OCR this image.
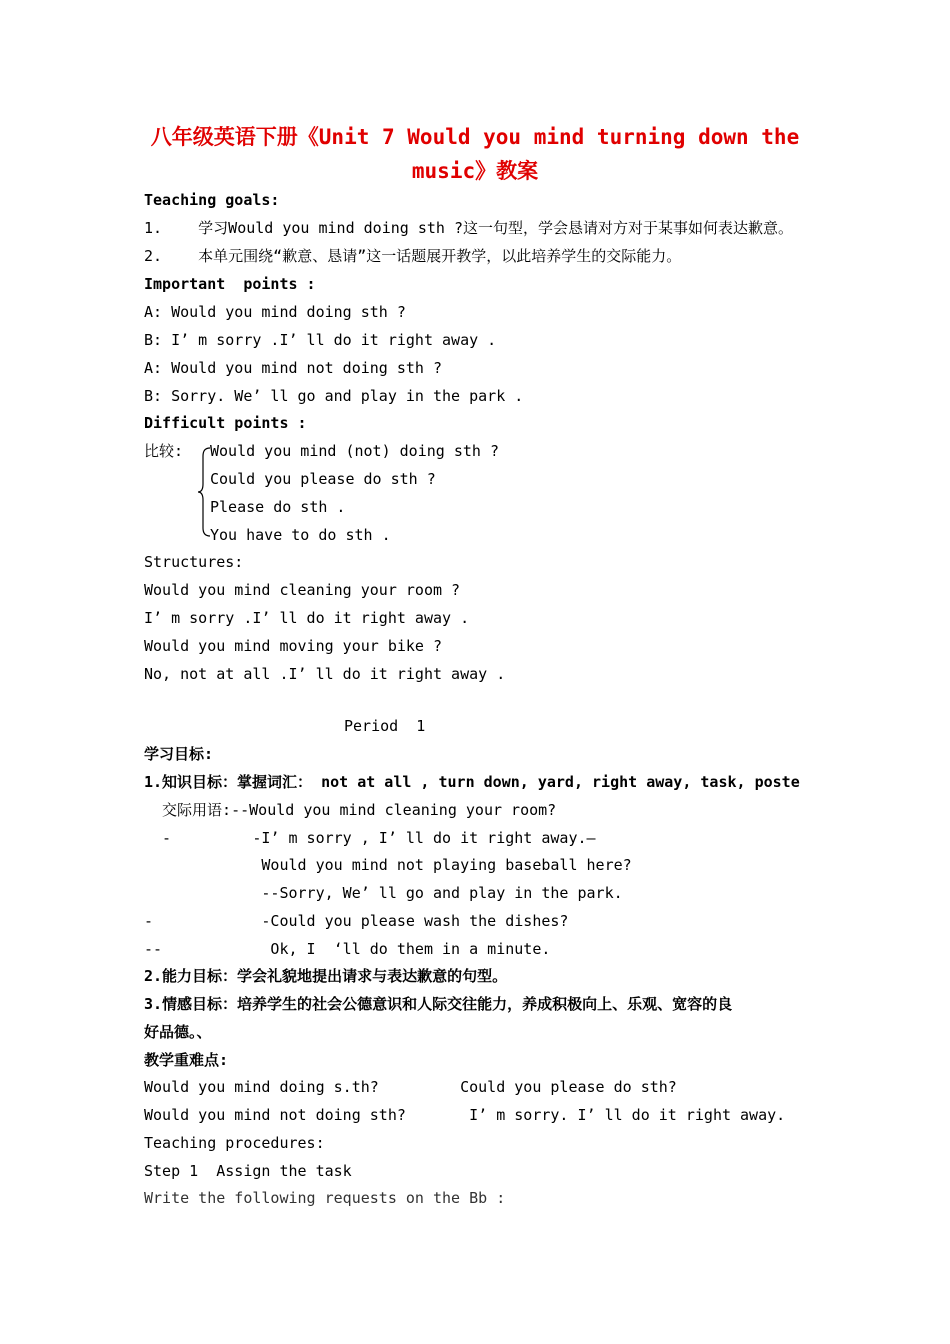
八年级英语下册《Unit 7 Would you mind turning down the
music》教案
Teaching goals:
1.    学习Would you mind doing sth ?这一句型，学会恳请对方对于某事如何表达歉意。
2.    本单元围绕“歉意、恳请”这一话题展开教学，以此培养学生的交际能力。
Important  points :
A: Would you mind doing sth ?
B: I’ m sorry .I’ ll do it right away .
A: Would you mind not doing sth ?
B: Sorry. We’ ll go and play in the park .
Difficult points :
比较: Would you mind (not) doing sth ?
Could you please do sth ?
Please do sth .
You have to do sth .
Structures:
Would you mind cleaning your room ?
I’ m sorry .I’ ll do it right away .
Would you mind moving your bike ?
No, not at all .I’ ll do it right away .
Period  1
学习目标:
1.知识目标：掌握词汇： not at all , turn down, yard, right away, task, poste
交际用语:--Would you mind cleaning your room?
-         -I’ m sorry , I’ ll do it right away.—
Would you mind not playing baseball here?
--Sorry, We’ ll go and play in the park.
-            -Could you please wash the dishes?
--            Ok, I  ‘ll do them in a minute.
2.能力目标：学会礼貌地提出请求与表达歉意的句型。
3.情感目标：培养学生的社会公德意识和人际交往能力，养成积极向上、乐观、宽容的良
好品德。、
教学重难点:
Would you mind doing s.th?         Could you please do sth?
Would you mind not doing sth?       I’ m sorry. I’ ll do it right away.
Teaching procedures:
Step 1  Assign the task
Write the following requests on the Bb :
